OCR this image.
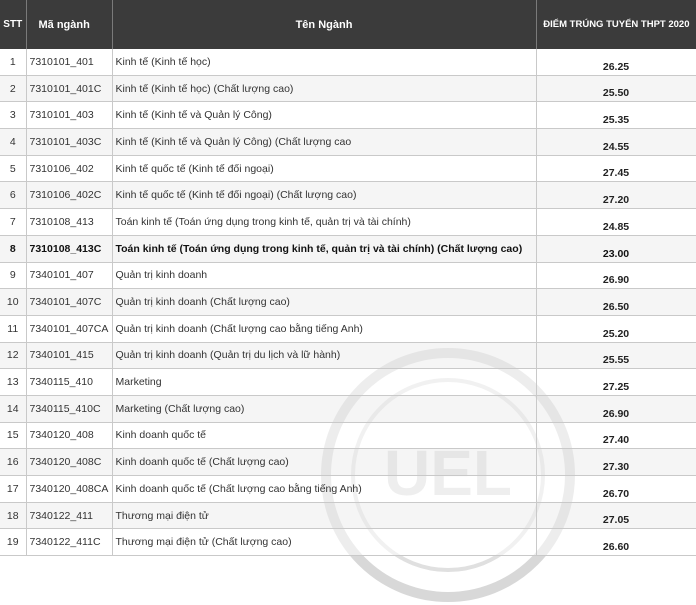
STT	Mã ngành	Tên Ngành	ĐIỂM TRÚNG TUYỂN THPT 2020
1	7310101_401	Kinh tế (Kinh tế học)	26.25
2	7310101_401C	Kinh tế (Kinh tế học) (Chất lượng cao)	25.50
3	7310101_403	Kinh tế (Kinh tế và Quản lý Công)	25.35
4	7310101_403C	Kinh tế (Kinh tế và Quản lý Công) (Chất lượng cao	24.55
5	7310106_402	Kinh tế quốc tế (Kinh tế đối ngoại)	27.45
6	7310106_402C	Kinh tế quốc tế (Kinh tế đối ngoại) (Chất lượng cao)	27.20
7	7310108_413	Toán kinh tế (Toán ứng dụng trong kinh tế, quản trị và tài chính)	24.85
8	7310108_413C	Toán kinh tế (Toán ứng dụng trong kinh tế, quản trị và tài chính) (Chất lượng cao)	23.00
9	7340101_407	Quản trị kinh doanh	26.90
10	7340101_407C	Quản trị kinh doanh (Chất lượng cao)	26.50
11	7340101_407CA	Quản trị kinh doanh (Chất lượng cao bằng tiếng Anh)	25.20
12	7340101_415	Quản trị kinh doanh (Quản trị du lịch và lữ hành)	25.55
13	7340115_410	Marketing	27.25
14	7340115_410C	Marketing (Chất lượng cao)	26.90
15	7340120_408	Kinh doanh quốc tế	27.40
16	7340120_408C	Kinh doanh quốc tế (Chất lượng cao)	27.30
17	7340120_408CA	Kinh doanh quốc tế (Chất lượng cao bằng tiếng Anh)	26.70
18	7340122_411	Thương mại điện tử	27.05
19	7340122_411C	Thương mại điện tử (Chất lượng cao)	26.60
